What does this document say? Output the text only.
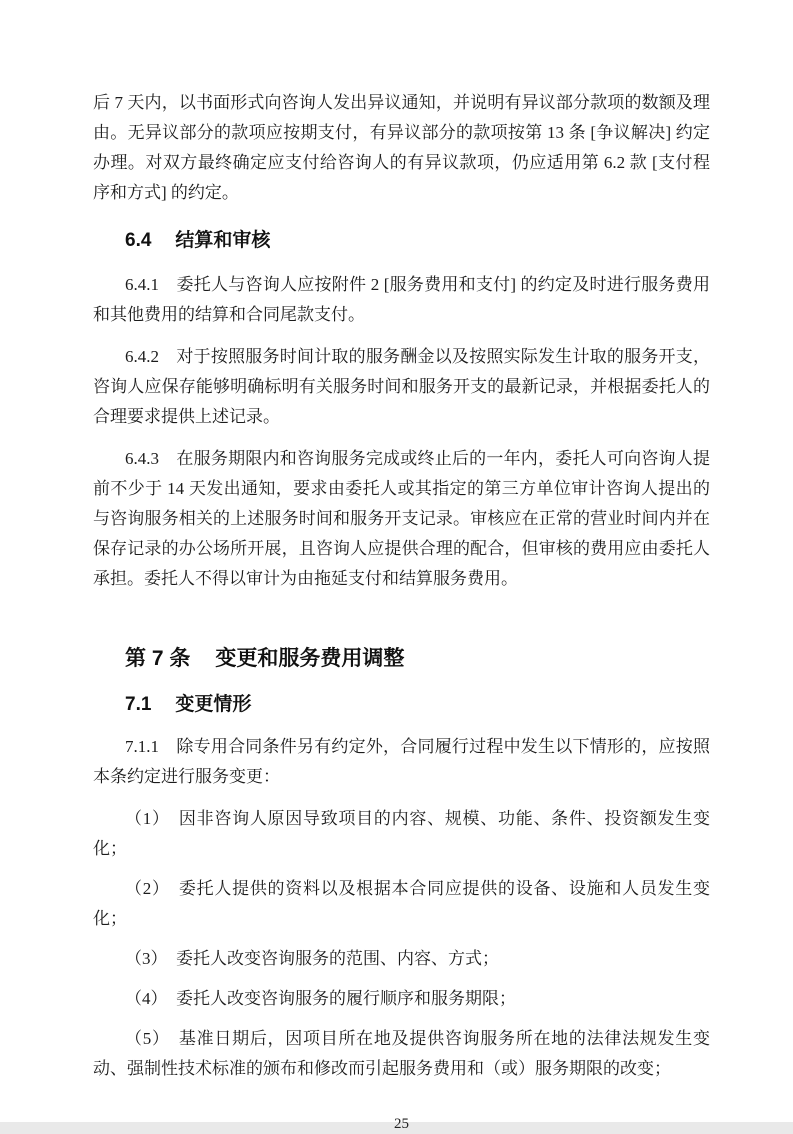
后 7 天内，以书面形式向咨询人发出异议通知，并说明有异议部分款项的数额及理由。无异议部分的款项应按期支付，有异议部分的款项按第 13 条 [争议解决] 约定办理。对双方最终确定应支付给咨询人的有异议款项，仍应适用第 6.2 款 [支付程序和方式] 的约定。

6.4 结算和审核

6.4.1　委托人与咨询人应按附件 2 [服务费用和支付] 的约定及时进行服务费用和其他费用的结算和合同尾款支付。

6.4.2　对于按照服务时间计取的服务酬金以及按照实际发生计取的服务开支，咨询人应保存能够明确标明有关服务时间和服务开支的最新记录，并根据委托人的合理要求提供上述记录。

6.4.3　在服务期限内和咨询服务完成或终止后的一年内，委托人可向咨询人提前不少于 14 天发出通知，要求由委托人或其指定的第三方单位审计咨询人提出的与咨询服务相关的上述服务时间和服务开支记录。审核应在正常的营业时间内并在保存记录的办公场所开展，且咨询人应提供合理的配合，但审核的费用应由委托人承担。委托人不得以审计为由拖延支付和结算服务费用。

第 7 条 变更和服务费用调整
7.1 变更情形

7.1.1　除专用合同条件另有约定外，合同履行过程中发生以下情形的，应按照本条约定进行服务变更：

（1）　因非咨询人原因导致项目的内容、规模、功能、条件、投资额发生变化；

（2）　委托人提供的资料以及根据本合同应提供的设备、设施和人员发生变化；

（3）　委托人改变咨询服务的范围、内容、方式；

（4）　委托人改变咨询服务的履行顺序和服务期限；

（5）　基准日期后，因项目所在地及提供咨询服务所在地的法律法规发生变动、强制性技术标准的颁布和修改而引起服务费用和（或）服务期限的改变；

25
